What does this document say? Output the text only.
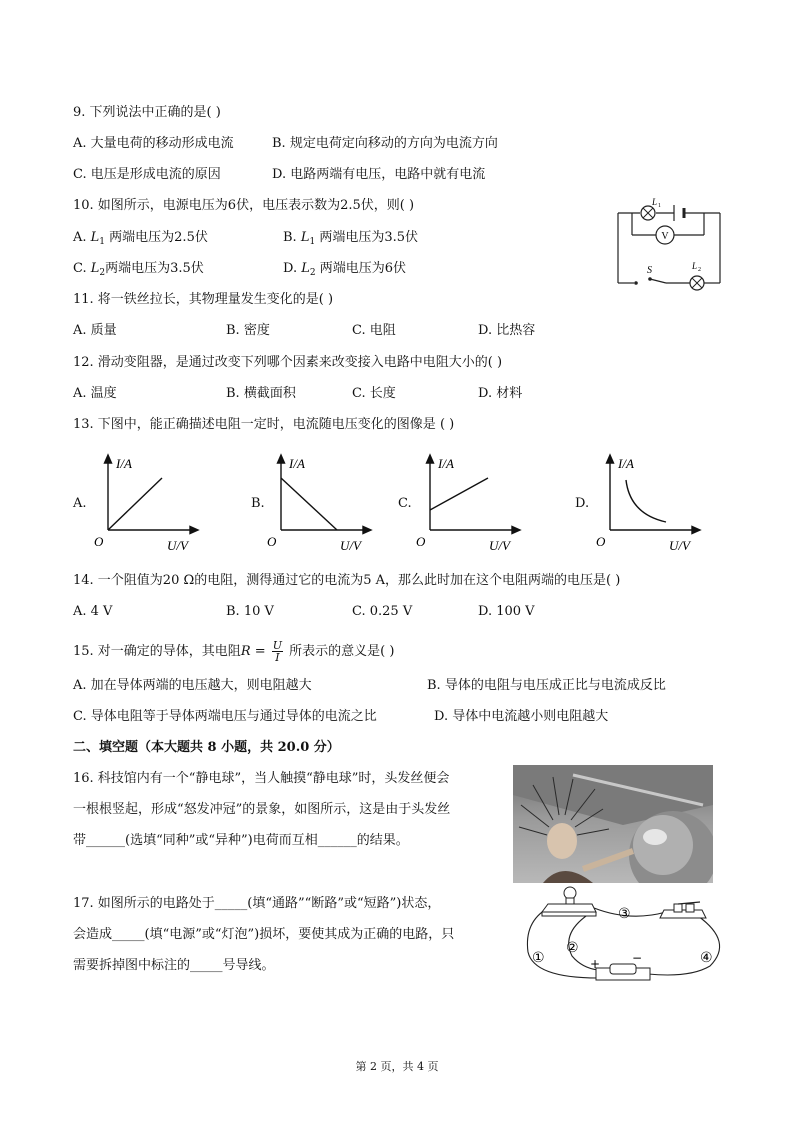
9. 下列说法中正确的是( )
A. 大量电荷的移动形成电流	B. 规定电荷定向移动的方向为电流方向
C. 电压是形成电流的原因	D. 电路两端有电压，电路中就有电流
10. 如图所示，电源电压为6伏，电压表示数为2.5伏，则( )
A. $L_1$ 两端电压为2.5伏	B. $L_1$ 两端电压为3.5伏
C. $L_2$两端电压为3.5伏	D. $L_2$ 两端电压为6伏
V
S
L 1
L 2
11. 将一铁丝拉长，其物理量发生变化的是( )
A. 质量	B. 密度	C. 电阻	D. 比热容
12. 滑动变阻器，是通过改变下列哪个因素来改变接入电路中电阻大小的( )
A. 温度	B. 横截面积	C. 长度	D. 材料
13. 下图中，能正确描述电阻一定时，电流随电压变化的图像是 ( )
A.
I/A
U/V
O
B.
I/A
U/V
O
C.
I/A
U/V
O
D.
I/A
U/V
O
14. 一个阻值为20 Ω的电阻，测得通过它的电流为5 A，那么此时加在这个电阻两端的电压是( )
A. 4 V	B. 10 V	C. 0.25 V	D. 100 V
15. 对一确定的导体，其电阻$R = \frac{U}{I}$ 所表示的意义是( )
A. 加在导体两端的电压越大，则电阻越大	B. 导体的电阻与电压成正比与电流成反比
C. 导体电阻等于导体两端电压与通过导体的电流之比	D. 导体中电流越小则电阻越大
二、填空题（本大题共 8 小题，共 20.0 分）
16. 科技馆内有一个“静电球”，当人触摸“静电球”时，头发丝便会
一根根竖起，形成“怒发冲冠”的景象，如图所示，这是由于头发丝
带______(选填“同种”或“异种”)电荷而互相______的结果。
17. 如图所示的电路处于_____(填“通路”“断路”或“短路”)状态，
会造成_____(填“电源”或“灯泡”)损坏，要使其成为正确的电路，只
需要拆掉图中标注的_____号导线。	+	−
①
②
③
④
第 2 页，共 4 页
